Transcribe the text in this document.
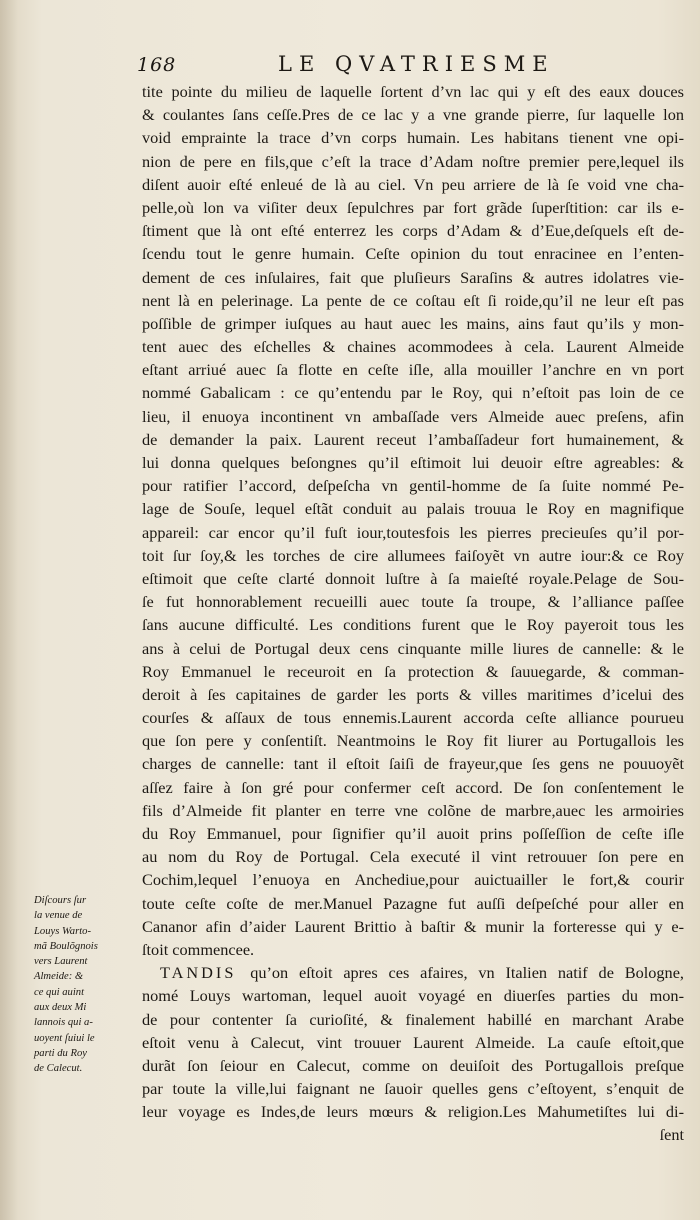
168	LE QVATRIESME
tite pointe du milieu de laquelle ſortent d’vn lac qui y eſt des eaux douces
& coulantes ſans ceſſe.Pres de ce lac y a vne grande pierre, ſur laquelle lon
void emprainte la trace d’vn corps humain. Les habitans tienent vne opi-
nion de pere en fils,que c’eſt la trace d’Adam noſtre premier pere,lequel ils
diſent auoir eſté enleué de là au ciel. Vn peu arriere de là ſe void vne cha-
pelle,où lon va viſiter deux ſepulchres par fort grãde ſuperſtition: car ils e-
ſtiment que là ont eſté enterrez les corps d’Adam & d’Eue,deſquels eſt de-
ſcendu tout le genre humain. Ceſte opinion du tout enracinee en l’enten-
dement de ces inſulaires, fait que pluſieurs Saraſins & autres idolatres vie-
nent là en pelerinage. La pente de ce coſtau eſt ſi roide,qu’il ne leur eſt pas
poſſible de grimper iuſques au haut auec les mains, ains faut qu’ils y mon-
tent auec des eſchelles & chaines acommodees à cela. Laurent Almeide
eſtant arriué auec ſa flotte en ceſte iſle, alla mouiller l’anchre en vn port
nommé Gabalicam : ce qu’entendu par le Roy, qui n’eſtoit pas loin de ce
lieu, il enuoya incontinent vn ambaſſade vers Almeide auec preſens, afin
de demander la paix. Laurent receut l’ambaſſadeur fort humainement, &
lui donna quelques beſongnes qu’il eſtimoit lui deuoir eſtre agreables: &
pour ratifier l’accord, deſpeſcha vn gentil-homme de ſa ſuite nommé Pe-
lage de Souſe, lequel eſtãt conduit au palais trouua le Roy en magnifique
appareil: car encor qu’il fuſt iour,toutesfois les pierres precieuſes qu’il por-
toit ſur ſoy,& les torches de cire allumees faiſoyẽt vn autre iour:& ce Roy
eſtimoit que ceſte clarté donnoit luſtre à ſa maieſté royale.Pelage de Sou-
ſe fut honnorablement recueilli auec toute ſa troupe, & l’alliance paſſee
ſans aucune difficulté. Les conditions furent que le Roy payeroit tous les
ans à celui de Portugal deux cens cinquante mille liures de cannelle: & le
Roy Emmanuel le receuroit en ſa protection & ſauuegarde, & comman-
deroit à ſes capitaines de garder les ports & villes maritimes d’icelui des
courſes & aſſaux de tous ennemis.Laurent accorda ceſte alliance pourueu
que ſon pere y conſentiſt. Neantmoins le Roy fit liurer au Portugallois les
charges de cannelle: tant il eſtoit ſaiſi de frayeur,que ſes gens ne pouuoyẽt
aſſez faire à ſon gré pour confermer ceſt accord. De ſon conſentement le
fils d’Almeide fit planter en terre vne colõne de marbre,auec les armoiries
du Roy Emmanuel, pour ſignifier qu’il auoit prins poſſeſſion de ceſte iſle
au nom du Roy de Portugal. Cela executé il vint retrouuer ſon pere en
Cochim,lequel l’enuoya en Anchediue,pour auictuailler le fort,& courir
toute ceſte coſte de mer.Manuel Pazagne fut auſſi deſpeſché pour aller en
Cananor afin d’aider Laurent Brittio à baſtir & munir la forteresse qui y e-
ſtoit commencee.
TANDIS qu’on eſtoit apres ces afaires, vn Italien natif de Bologne,
nomé Louys wartoman, lequel auoit voyagé en diuerſes parties du mon-
de pour contenter ſa curioſité, & finalement habillé en marchant Arabe
eſtoit venu à Calecut, vint trouuer Laurent Almeide. La cauſe eſtoit,que
durãt ſon ſeiour en Calecut, comme on deuiſoit des Portugallois preſque
par toute la ville,lui faignant ne ſauoir quelles gens c’eſtoyent, s’enquit de
leur voyage es Indes,de leurs mœurs & religion.Les Mahumetiſtes lui di-
ſent
Diſcours ſur
la venue de
Louys Warto-
mã Boulõgnois
vers Laurent
Almeide: &
ce qui auint
aux deux Mi
lannois qui a-
uoyent ſuiui le
parti du Roy
de Calecut.
